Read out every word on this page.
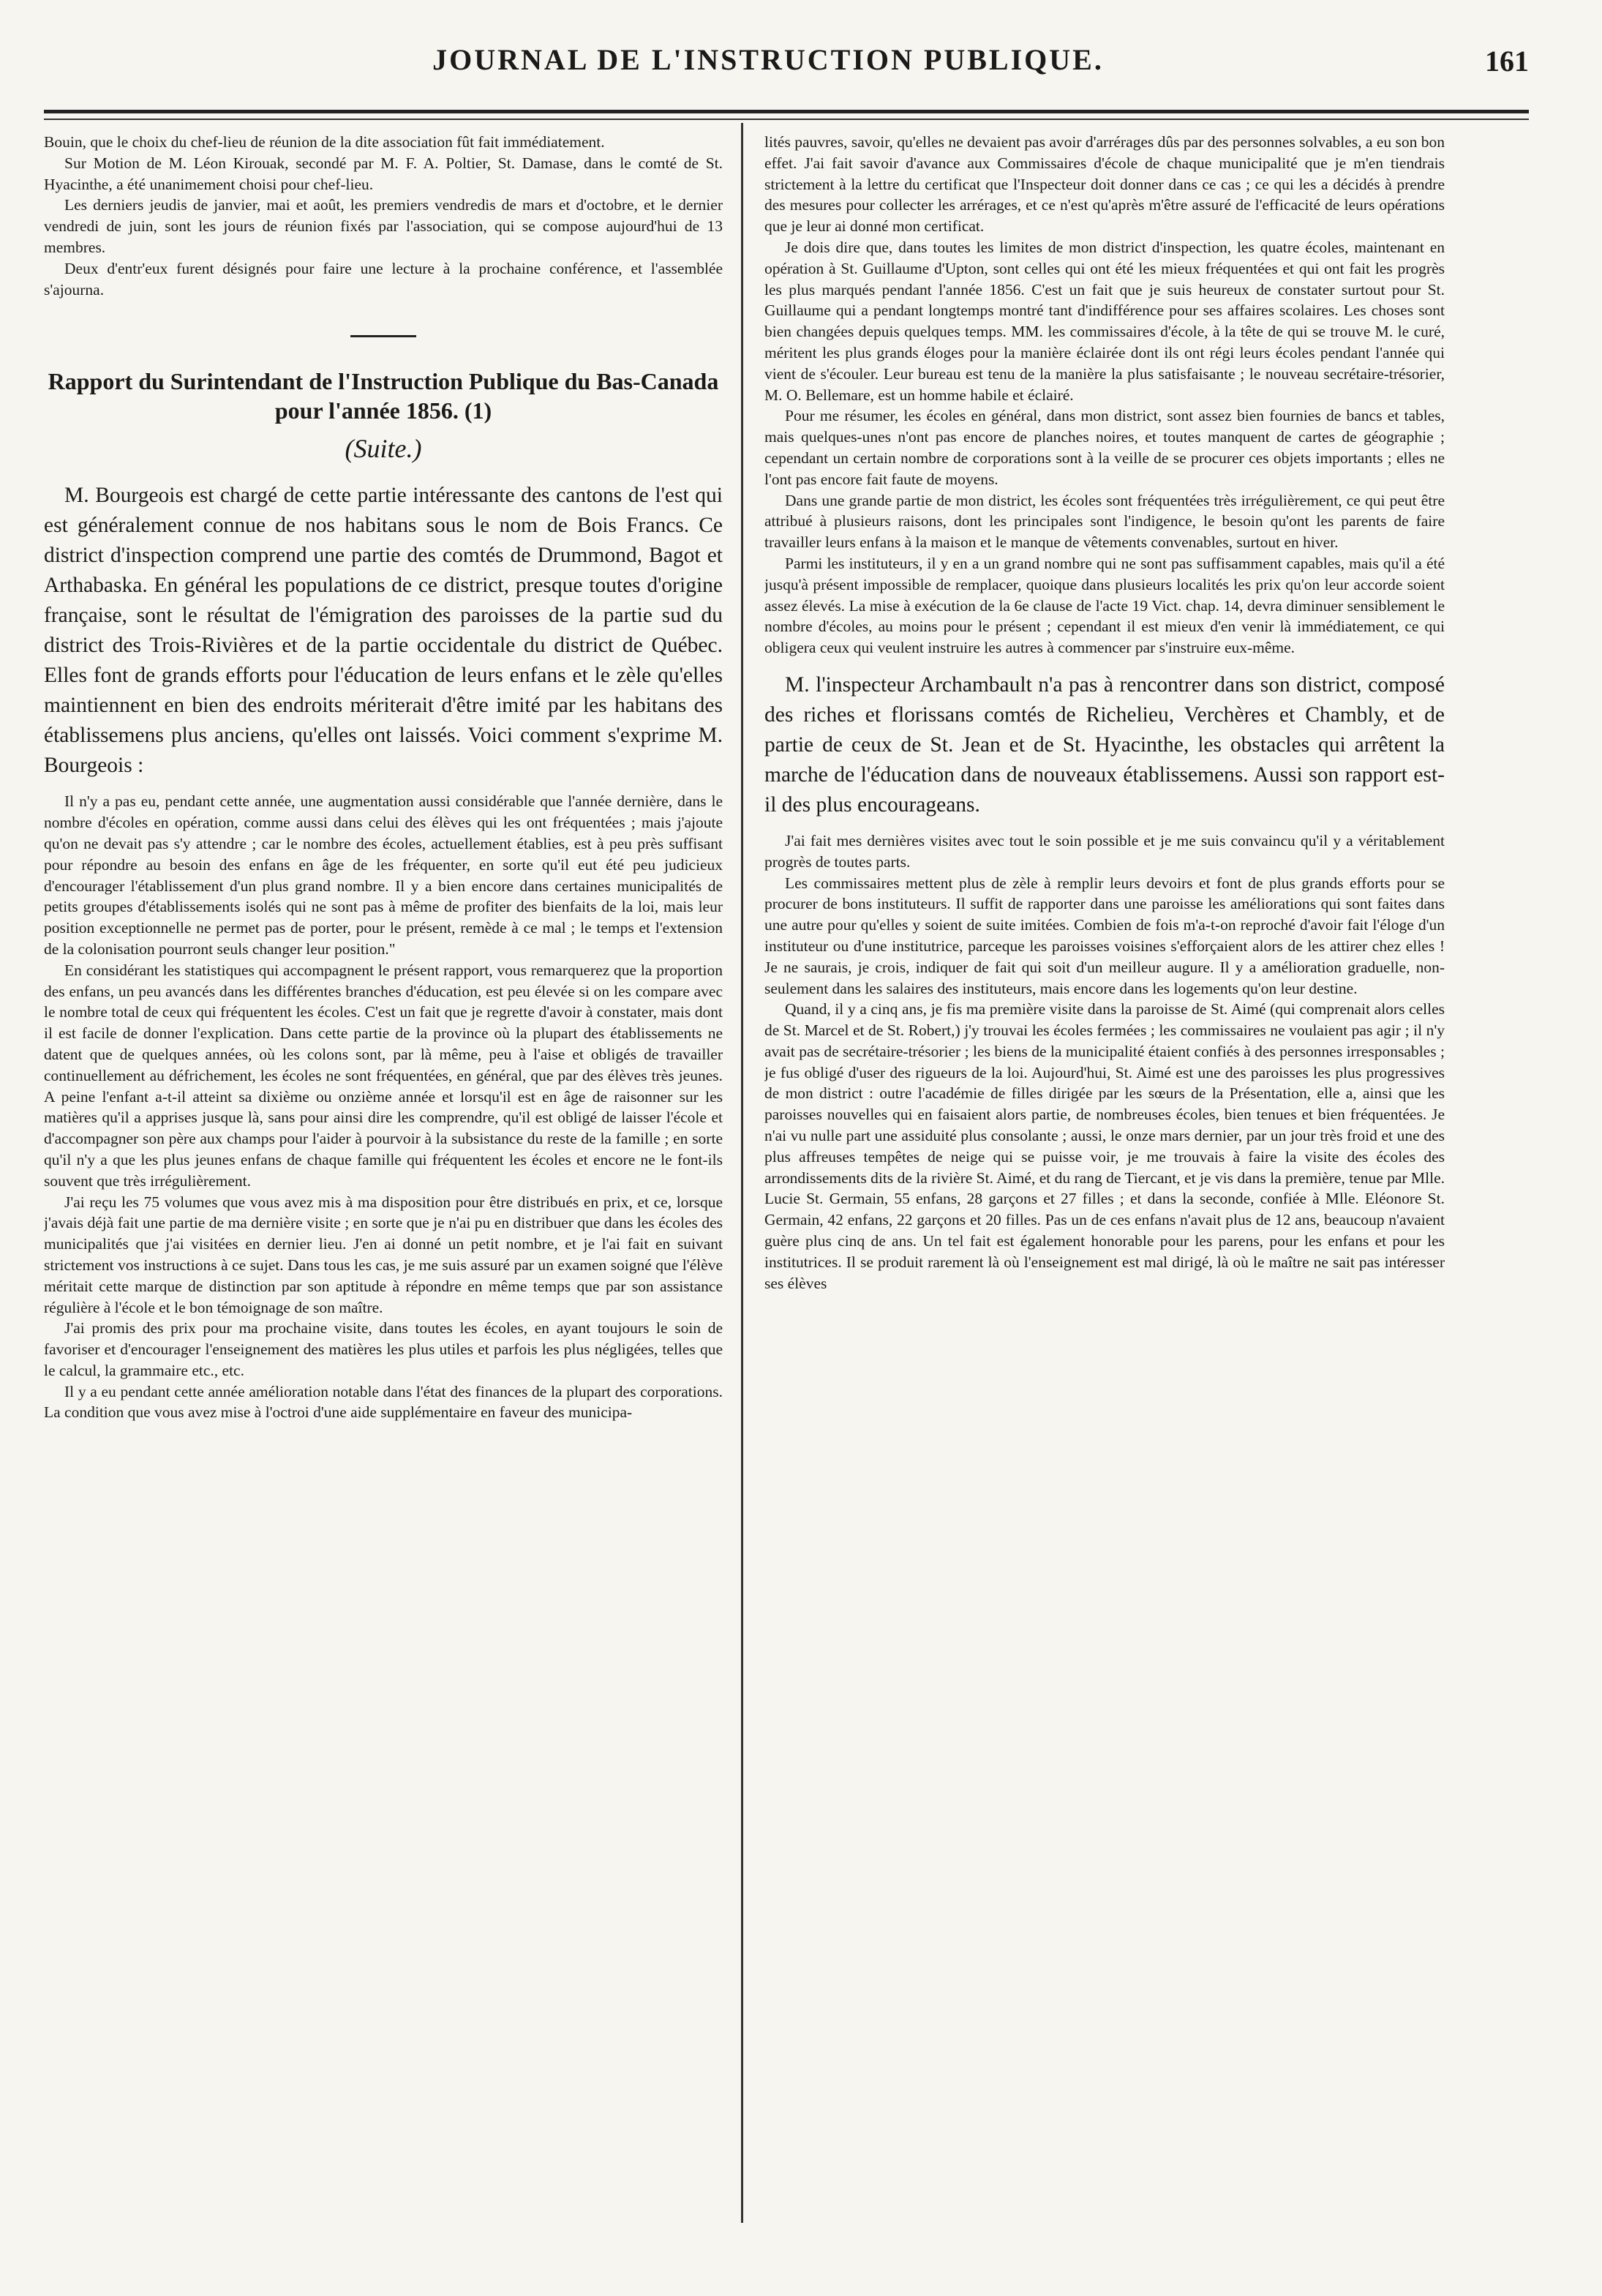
JOURNAL DE L'INSTRUCTION PUBLIQUE.	161

Bouin, que le choix du chef-lieu de réunion de la dite association fût fait immédiatement.

Sur Motion de M. Léon Kirouak, secondé par M. F. A. Poltier, St. Damase, dans le comté de St. Hyacinthe, a été unanimement choisi pour chef-lieu.

Les derniers jeudis de janvier, mai et août, les premiers vendredis de mars et d'octobre, et le dernier vendredi de juin, sont les jours de réunion fixés par l'association, qui se compose aujourd'hui de 13 membres.

Deux d'entr'eux furent désignés pour faire une lecture à la prochaine conférence, et l'assemblée s'ajourna.

Rapport du Surintendant de l'Instruction Publique du Bas-Canada pour l'année 1856. (1)
(Suite.)

M. Bourgeois est chargé de cette partie intéressante des cantons de l'est qui est généralement connue de nos habitans sous le nom de Bois Francs. Ce district d'inspection comprend une partie des comtés de Drummond, Bagot et Arthabaska. En général les populations de ce district, presque toutes d'origine française, sont le résultat de l'émigration des paroisses de la partie sud du district des Trois-Rivières et de la partie occidentale du district de Québec. Elles font de grands efforts pour l'éducation de leurs enfans et le zèle qu'elles maintiennent en bien des endroits mériterait d'être imité par les habitans des établissemens plus anciens, qu'elles ont laissés. Voici comment s'exprime M. Bourgeois :

Il n'y a pas eu, pendant cette année, une augmentation aussi considérable que l'année dernière, dans le nombre d'écoles en opération, comme aussi dans celui des élèves qui les ont fréquentées ; mais j'ajoute qu'on ne devait pas s'y attendre ; car le nombre des écoles, actuellement établies, est à peu près suffisant pour répondre au besoin des enfans en âge de les fréquenter, en sorte qu'il eut été peu judicieux d'encourager l'établissement d'un plus grand nombre. Il y a bien encore dans certaines municipalités de petits groupes d'établissements isolés qui ne sont pas à même de profiter des bienfaits de la loi, mais leur position exceptionnelle ne permet pas de porter, pour le présent, remède à ce mal ; le temps et l'extension de la colonisation pourront seuls changer leur position."

En considérant les statistiques qui accompagnent le présent rapport, vous remarquerez que la proportion des enfans, un peu avancés dans les différentes branches d'éducation, est peu élevée si on les compare avec le nombre total de ceux qui fréquentent les écoles. C'est un fait que je regrette d'avoir à constater, mais dont il est facile de donner l'explication. Dans cette partie de la province où la plupart des établissements ne datent que de quelques années, où les colons sont, par là même, peu à l'aise et obligés de travailler continuellement au défrichement, les écoles ne sont fréquentées, en général, que par des élèves très jeunes. A peine l'enfant a-t-il atteint sa dixième ou onzième année et lorsqu'il est en âge de raisonner sur les matières qu'il a apprises jusque là, sans pour ainsi dire les comprendre, qu'il est obligé de laisser l'école et d'accompagner son père aux champs pour l'aider à pourvoir à la subsistance du reste de la famille ; en sorte qu'il n'y a que les plus jeunes enfans de chaque famille qui fréquentent les écoles et encore ne le font-ils souvent que très irrégulièrement.

J'ai reçu les 75 volumes que vous avez mis à ma disposition pour être distribués en prix, et ce, lorsque j'avais déjà fait une partie de ma dernière visite ; en sorte que je n'ai pu en distribuer que dans les écoles des municipalités que j'ai visitées en dernier lieu. J'en ai donné un petit nombre, et je l'ai fait en suivant strictement vos instructions à ce sujet. Dans tous les cas, je me suis assuré par un examen soigné que l'élève méritait cette marque de distinction par son aptitude à répondre en même temps que par son assistance régulière à l'école et le bon témoignage de son maître.

J'ai promis des prix pour ma prochaine visite, dans toutes les écoles, en ayant toujours le soin de favoriser et d'encourager l'enseignement des matières les plus utiles et parfois les plus négligées, telles que le calcul, la grammaire etc., etc.

Il y a eu pendant cette année amélioration notable dans l'état des finances de la plupart des corporations. La condition que vous avez mise à l'octroi d'une aide supplémentaire en faveur des municipa-

lités pauvres, savoir, qu'elles ne devaient pas avoir d'arrérages dûs par des personnes solvables, a eu son bon effet. J'ai fait savoir d'avance aux Commissaires d'école de chaque municipalité que je m'en tiendrais strictement à la lettre du certificat que l'Inspecteur doit donner dans ce cas ; ce qui les a décidés à prendre des mesures pour collecter les arrérages, et ce n'est qu'après m'être assuré de l'efficacité de leurs opérations que je leur ai donné mon certificat.

Je dois dire que, dans toutes les limites de mon district d'inspection, les quatre écoles, maintenant en opération à St. Guillaume d'Upton, sont celles qui ont été les mieux fréquentées et qui ont fait les progrès les plus marqués pendant l'année 1856. C'est un fait que je suis heureux de constater surtout pour St. Guillaume qui a pendant longtemps montré tant d'indifférence pour ses affaires scolaires. Les choses sont bien changées depuis quelques temps. MM. les commissaires d'école, à la tête de qui se trouve M. le curé, méritent les plus grands éloges pour la manière éclairée dont ils ont régi leurs écoles pendant l'année qui vient de s'écouler. Leur bureau est tenu de la manière la plus satisfaisante ; le nouveau secrétaire-trésorier, M. O. Bellemare, est un homme habile et éclairé.

Pour me résumer, les écoles en général, dans mon district, sont assez bien fournies de bancs et tables, mais quelques-unes n'ont pas encore de planches noires, et toutes manquent de cartes de géographie ; cependant un certain nombre de corporations sont à la veille de se procurer ces objets importants ; elles ne l'ont pas encore fait faute de moyens.

Dans une grande partie de mon district, les écoles sont fréquentées très irrégulièrement, ce qui peut être attribué à plusieurs raisons, dont les principales sont l'indigence, le besoin qu'ont les parents de faire travailler leurs enfans à la maison et le manque de vêtements convenables, surtout en hiver.

Parmi les instituteurs, il y en a un grand nombre qui ne sont pas suffisamment capables, mais qu'il a été jusqu'à présent impossible de remplacer, quoique dans plusieurs localités les prix qu'on leur accorde soient assez élevés. La mise à exécution de la 6e clause de l'acte 19 Vict. chap. 14, devra diminuer sensiblement le nombre d'écoles, au moins pour le présent ; cependant il est mieux d'en venir là immédiatement, ce qui obligera ceux qui veulent instruire les autres à commencer par s'instruire eux-même.

M. l'inspecteur Archambault n'a pas à rencontrer dans son district, composé des riches et florissans comtés de Richelieu, Verchères et Chambly, et de partie de ceux de St. Jean et de St. Hyacinthe, les obstacles qui arrêtent la marche de l'éducation dans de nouveaux établissemens. Aussi son rapport est-il des plus encourageans.

J'ai fait mes dernières visites avec tout le soin possible et je me suis convaincu qu'il y a véritablement progrès de toutes parts.

Les commissaires mettent plus de zèle à remplir leurs devoirs et font de plus grands efforts pour se procurer de bons instituteurs. Il suffit de rapporter dans une paroisse les améliorations qui sont faites dans une autre pour qu'elles y soient de suite imitées. Combien de fois m'a-t-on reproché d'avoir fait l'éloge d'un instituteur ou d'une institutrice, parceque les paroisses voisines s'efforçaient alors de les attirer chez elles ! Je ne saurais, je crois, indiquer de fait qui soit d'un meilleur augure. Il y a amélioration graduelle, non-seulement dans les salaires des instituteurs, mais encore dans les logements qu'on leur destine.

Quand, il y a cinq ans, je fis ma première visite dans la paroisse de St. Aimé (qui comprenait alors celles de St. Marcel et de St. Robert,) j'y trouvai les écoles fermées ; les commissaires ne voulaient pas agir ; il n'y avait pas de secrétaire-trésorier ; les biens de la municipalité étaient confiés à des personnes irresponsables ; je fus obligé d'user des rigueurs de la loi. Aujourd'hui, St. Aimé est une des paroisses les plus progressives de mon district : outre l'académie de filles dirigée par les sœurs de la Présentation, elle a, ainsi que les paroisses nouvelles qui en faisaient alors partie, de nombreuses écoles, bien tenues et bien fréquentées. Je n'ai vu nulle part une assiduité plus consolante ; aussi, le onze mars dernier, par un jour très froid et une des plus affreuses tempêtes de neige qui se puisse voir, je me trouvais à faire la visite des écoles des arrondissements dits de la rivière St. Aimé, et du rang de Tiercant, et je vis dans la première, tenue par Mlle. Lucie St. Germain, 55 enfans, 28 garçons et 27 filles ; et dans la seconde, confiée à Mlle. Eléonore St. Germain, 42 enfans, 22 garçons et 20 filles. Pas un de ces enfans n'avait plus de 12 ans, beaucoup n'avaient guère plus cinq de ans. Un tel fait est également honorable pour les parens, pour les enfans et pour les institutrices. Il se produit rarement là où l'enseignement est mal dirigé, là où le maître ne sait pas intéresser ses élèves
